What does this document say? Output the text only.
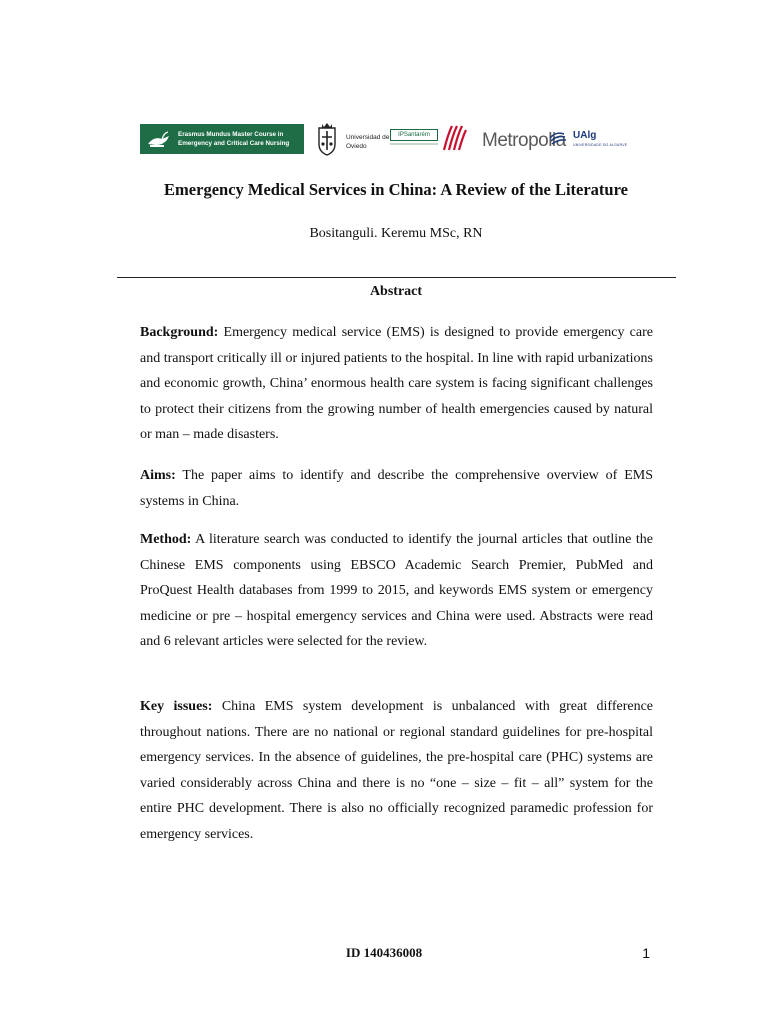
Erasmus Mundus Master Course in
Emergency and Critical Care Nursing
Universidad de
Oviedo
IPSantarém	Metropolia UAlg
UNIVERSIDADE DO ALGARVE
Emergency Medical Services in China: A Review of the Literature
Bositanguli. Keremu MSc, RN
Abstract

Background: Emergency medical service (EMS) is designed to provide emergency care and transport critically ill or injured patients to the hospital. In line with rapid urbanizations and economic growth, China’ enormous health care system is facing significant challenges to protect their citizens from the growing number of health emergencies caused by natural or man – made disasters.

Aims: The paper aims to identify and describe the comprehensive overview of EMS systems in China.

Method: A literature search was conducted to identify the journal articles that outline the Chinese EMS components using EBSCO Academic Search Premier, PubMed and ProQuest Health databases from 1999 to 2015, and keywords EMS system or emergency medicine or pre – hospital emergency services and China were used. Abstracts were read and 6 relevant articles were selected for the review.

Key issues: China EMS system development is unbalanced with great difference throughout nations. There are no national or regional standard guidelines for pre-hospital emergency services. In the absence of guidelines, the pre-hospital care (PHC) systems are varied considerably across China and there is no “one – size – fit – all” system for the entire PHC development. There is also no officially recognized paramedic profession for emergency services.

ID 140436008	1
